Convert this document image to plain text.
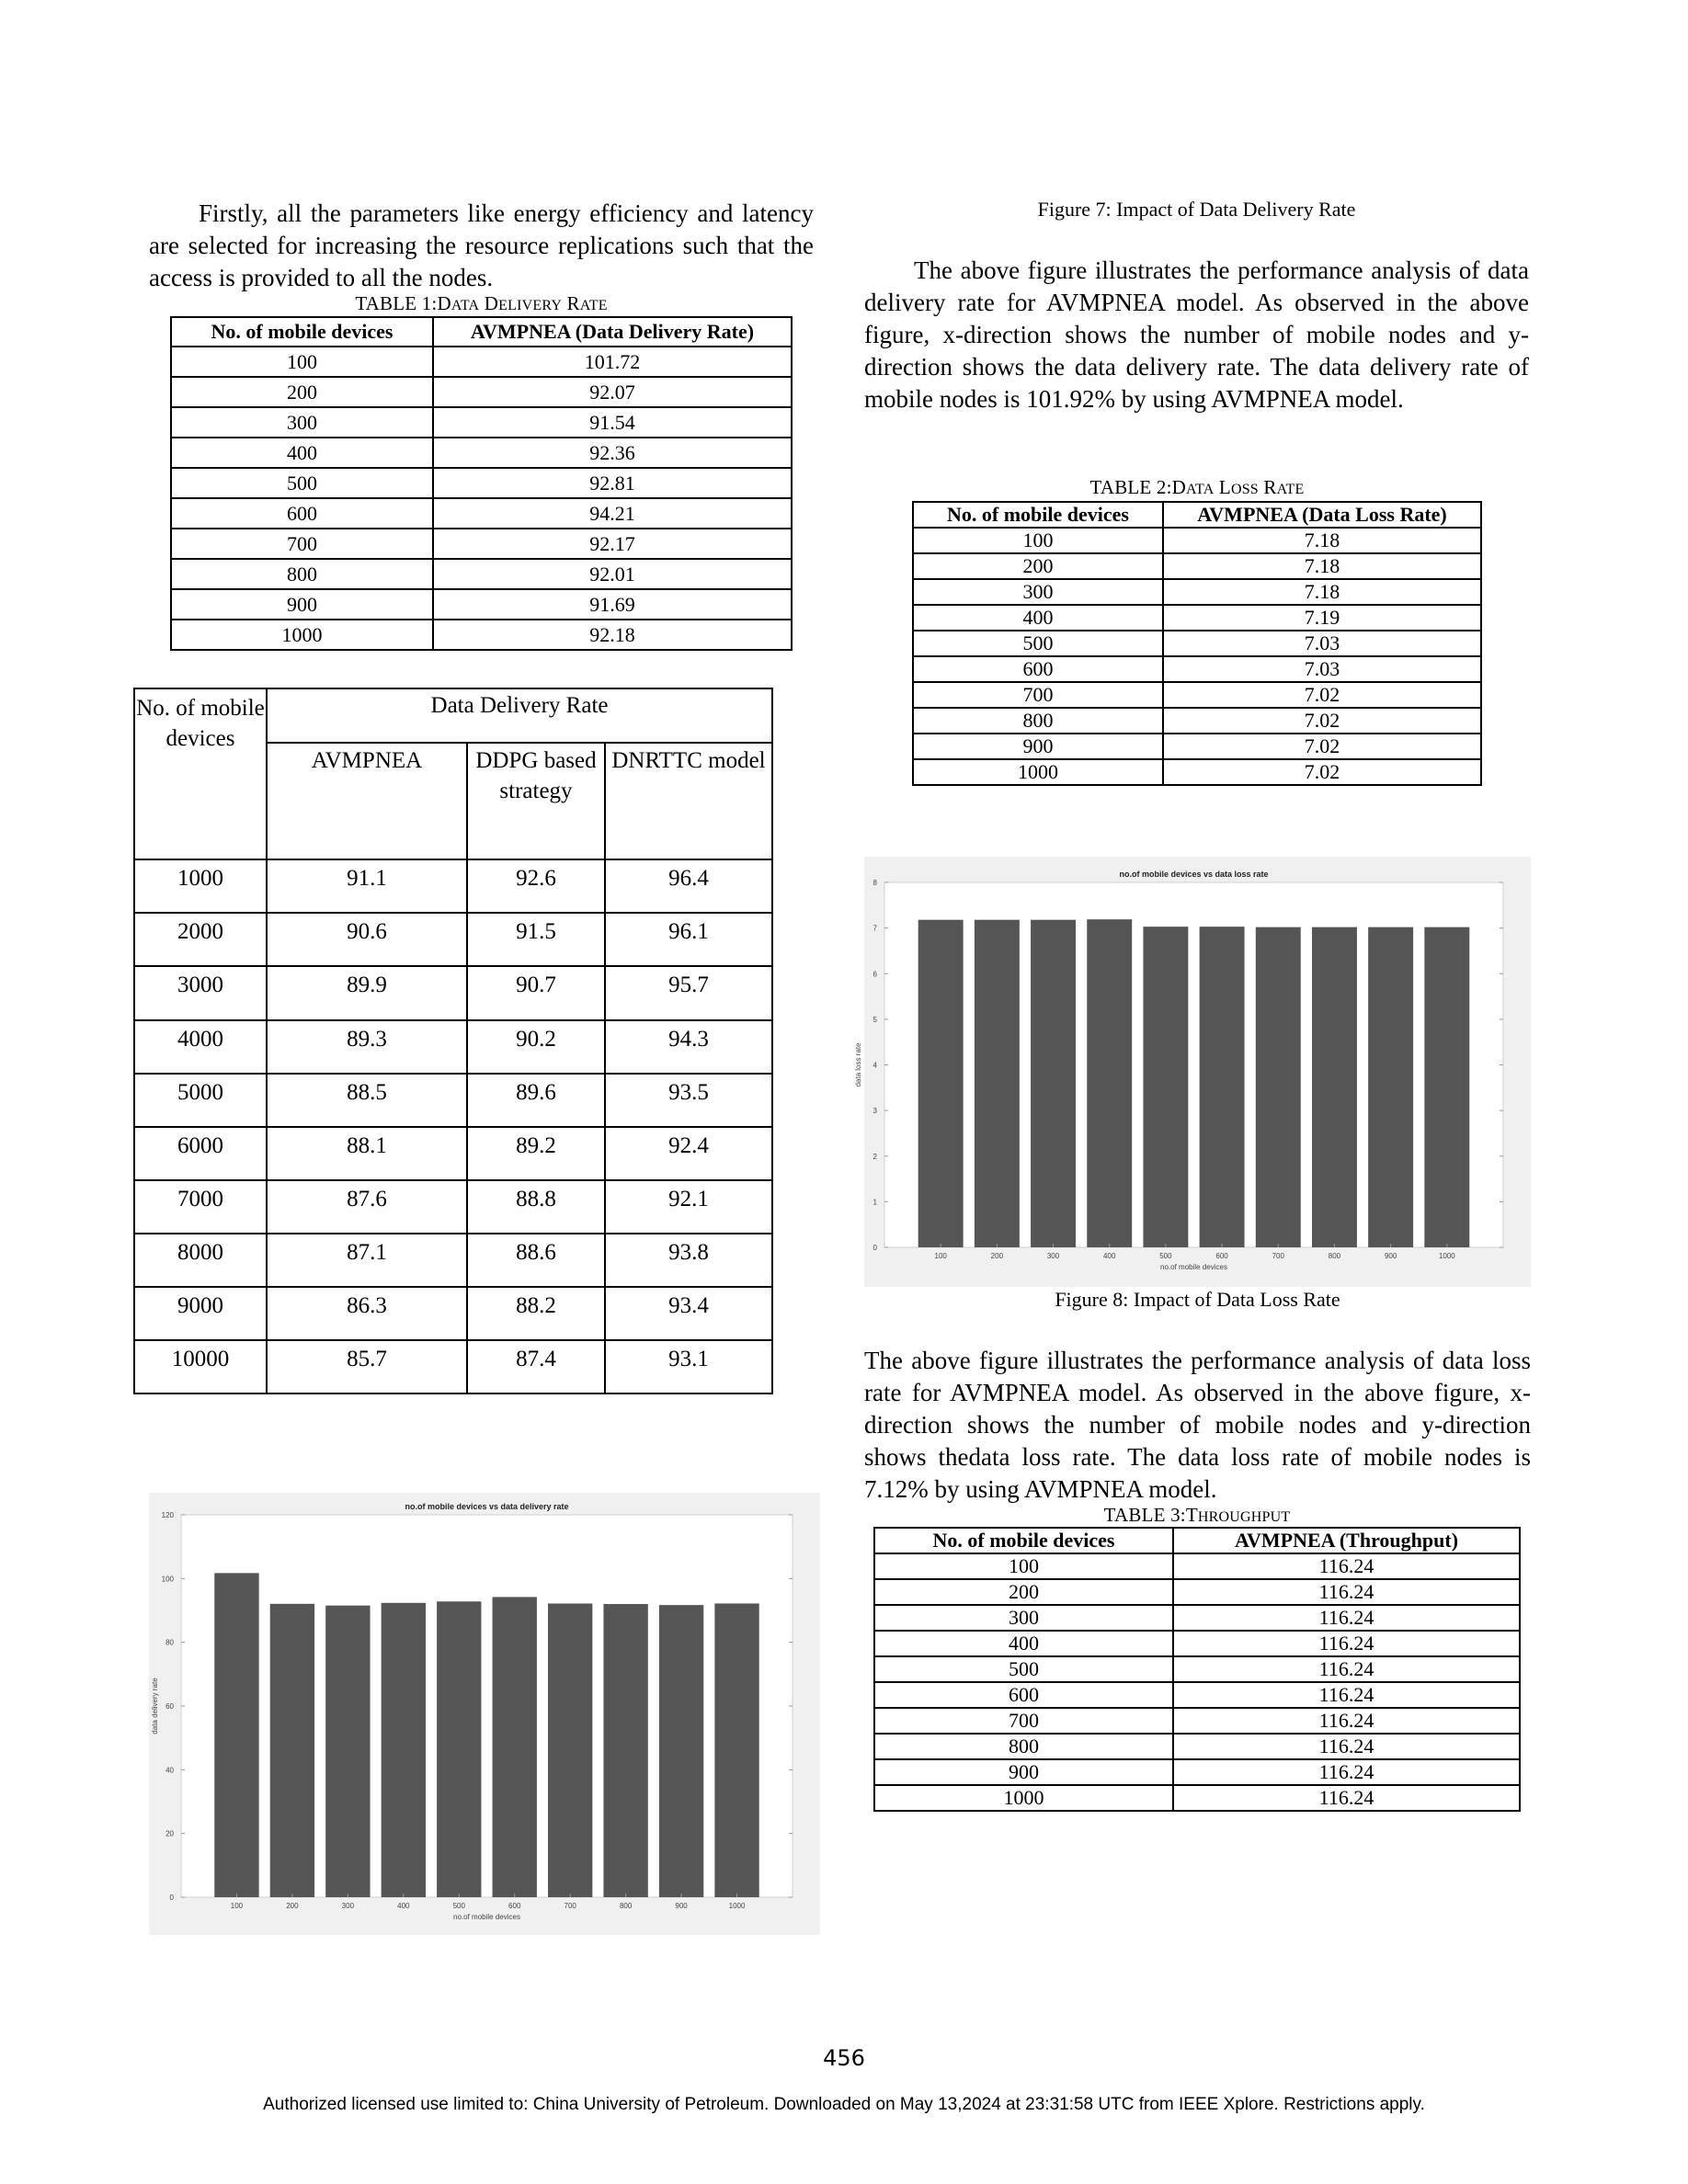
Firstly, all the parameters like energy efficiency and latency are selected for increasing the resource replications such that the access is provided to all the nodes.

TABLE 1:DATA DELIVERY RATE
No. of mobile devices	AVMPNEA (Data Delivery Rate)
100	101.72
200	92.07
300	91.54
400	92.36
500	92.81
600	94.21
700	92.17
800	92.01
900	91.69
1000	92.18
No. of mobile devices	Data Delivery Rate		
	AVMPNEA	DDPG based strategy	DNRTTC model
1000	91.1	92.6	96.4
2000	90.6	91.5	96.1
3000	89.9	90.7	95.7
4000	89.3	90.2	94.3
5000	88.5	89.6	93.5
6000	88.1	89.2	92.4
7000	87.6	88.8	92.1
8000	87.1	88.6	93.8
9000	86.3	88.2	93.4
10000	85.7	87.4	93.1
0
20
40
60
80
100
120
100	200	300	400	500	600	700	800	900	1000
no.of mobile devices vs data delivery rate
no.of mobile devices
data delivery rate
Figure 7: Impact of Data Delivery Rate

The above figure illustrates the performance analysis of data delivery rate for AVMPNEA model. As observed in the above figure, x-direction shows the number of mobile nodes and y-direction shows the data delivery rate. The data delivery rate of mobile nodes is 101.92% by using AVMPNEA model.

TABLE 2:DATA LOSS RATE
No. of mobile devices	AVMPNEA (Data Loss Rate)
100	7.18
200	7.18
300	7.18
400	7.19
500	7.03
600	7.03
700	7.02
800	7.02
900	7.02
1000	7.02
0
1
2
3
4
5
6
7
8
100	200	300	400	500	600	700	800	900	1000
no.of mobile devices vs data loss rate
no.of mobile devices
data loss rate
Figure 8: Impact of Data Loss Rate

The above figure illustrates the performance analysis of data loss rate for AVMPNEA model. As observed in the above figure, x-direction shows the number of mobile nodes and y-direction shows thedata loss rate. The data loss rate of mobile nodes is 7.12% by using AVMPNEA model.

TABLE 3:THROUGHPUT
No. of mobile devices	AVMPNEA (Throughput)
100	116.24
200	116.24
300	116.24
400	116.24
500	116.24
600	116.24
700	116.24
800	116.24
900	116.24
1000	116.24
456
Authorized licensed use limited to: China University of Petroleum. Downloaded on May 13,2024 at 23:31:58 UTC from IEEE Xplore. Restrictions apply.
